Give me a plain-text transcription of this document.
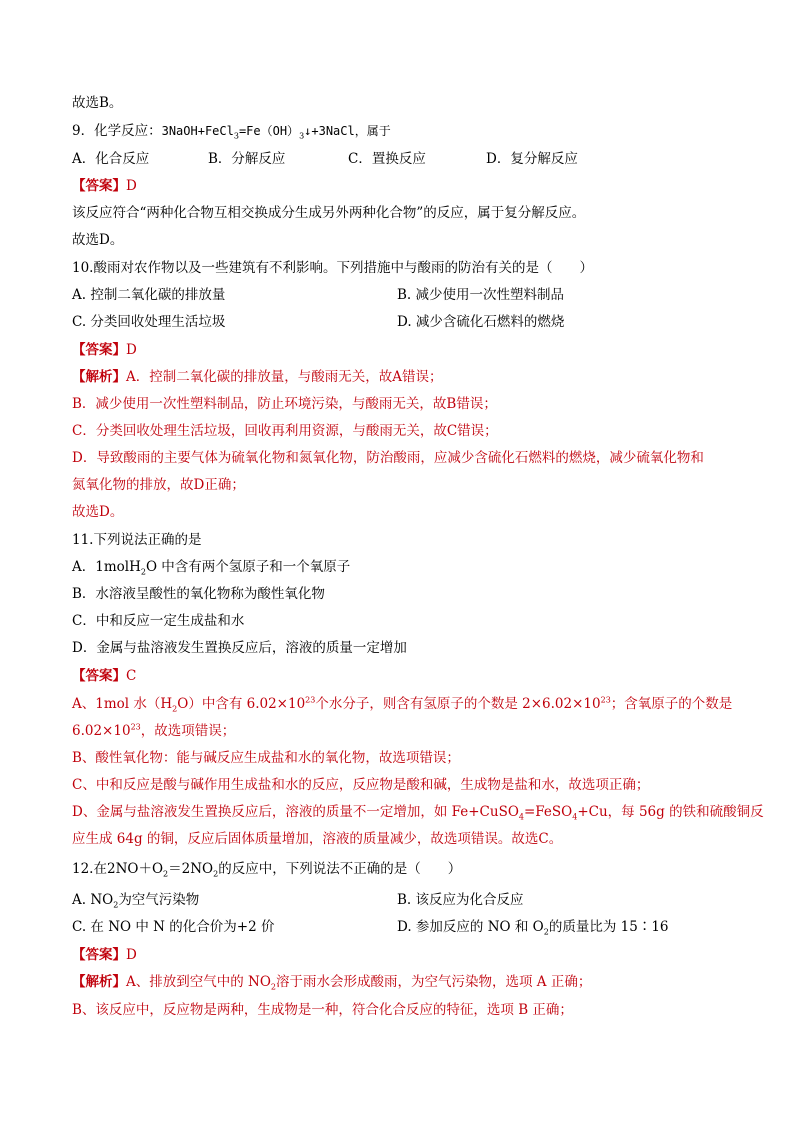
故选B。
9．化学反应：$3NaOH+FeCl_3=Fe(OH)_3↓+3NaCl$，属于
A．化合反应	B．分解反应	C．置换反应	D．复分解反应
【答案】D
该反应符合“两种化合物互相交换成分生成另外两种化合物”的反应，属于复分解反应。
故选D。
10.酸雨对农作物以及一些建筑有不利影响。下列措施中与酸雨的防治有关的是（　　）
A. 控制二氧化碳的排放量	B. 减少使用一次性塑料制品
C. 分类回收处理生活垃圾	D. 减少含硫化石燃料的燃烧
【答案】D
【解析】A．控制二氧化碳的排放量，与酸雨无关，故A错误；
B．减少使用一次性塑料制品，防止环境污染，与酸雨无关，故B错误；
C．分类回收处理生活垃圾，回收再利用资源，与酸雨无关，故C错误；
D．导致酸雨的主要气体为硫氧化物和氮氧化物，防治酸雨，应减少含硫化石燃料的燃烧，减少硫氧化物和
氮氧化物的排放，故D正确；
故选D。
11.下列说法正确的是
A．1molH$_2$O 中含有两个氢原子和一个氧原子
B．水溶液呈酸性的氧化物称为酸性氧化物
C．中和反应一定生成盐和水
D．金属与盐溶液发生置换反应后，溶液的质量一定增加
【答案】C
A、1mol 水$(H_2O)$中含有 $6.02\times 10^{23}$个水分子，则含有氢原子的个数是 $2\times 6.02\times 10^{23}$；含氧原子的个数是
$6.02\times 10^{23}$，故选项错误；
B、酸性氧化物：能与碱反应生成盐和水的氧化物，故选项错误；
C、中和反应是酸与碱作用生成盐和水的反应，反应物是酸和碱，生成物是盐和水，故选项正确；
D、金属与盐溶液发生置换反应后，溶液的质量不一定增加，如 Fe+CuSO$_4$=FeSO$_4$+Cu，每 56g 的铁和硫酸铜反
应生成 64g 的铜，反应后固体质量增加，溶液的质量减少，故选项错误。故选C。
12.在$2NO+O_2=2NO_2$的反应中，下列说法不正确的是（　　）
A. $NO_2$为空气污染物	B. 该反应为化合反应
C. 在 NO 中 N 的化合价为+2 价	D. 参加反应的 NO 和 $O_2$的质量比为 15∶16
【答案】D
【解析】A、排放到空气中的 $NO_2$溶于雨水会形成酸雨，为空气污染物，选项 A 正确；
B、该反应中，反应物是两种，生成物是一种，符合化合反应的特征，选项 B 正确；
